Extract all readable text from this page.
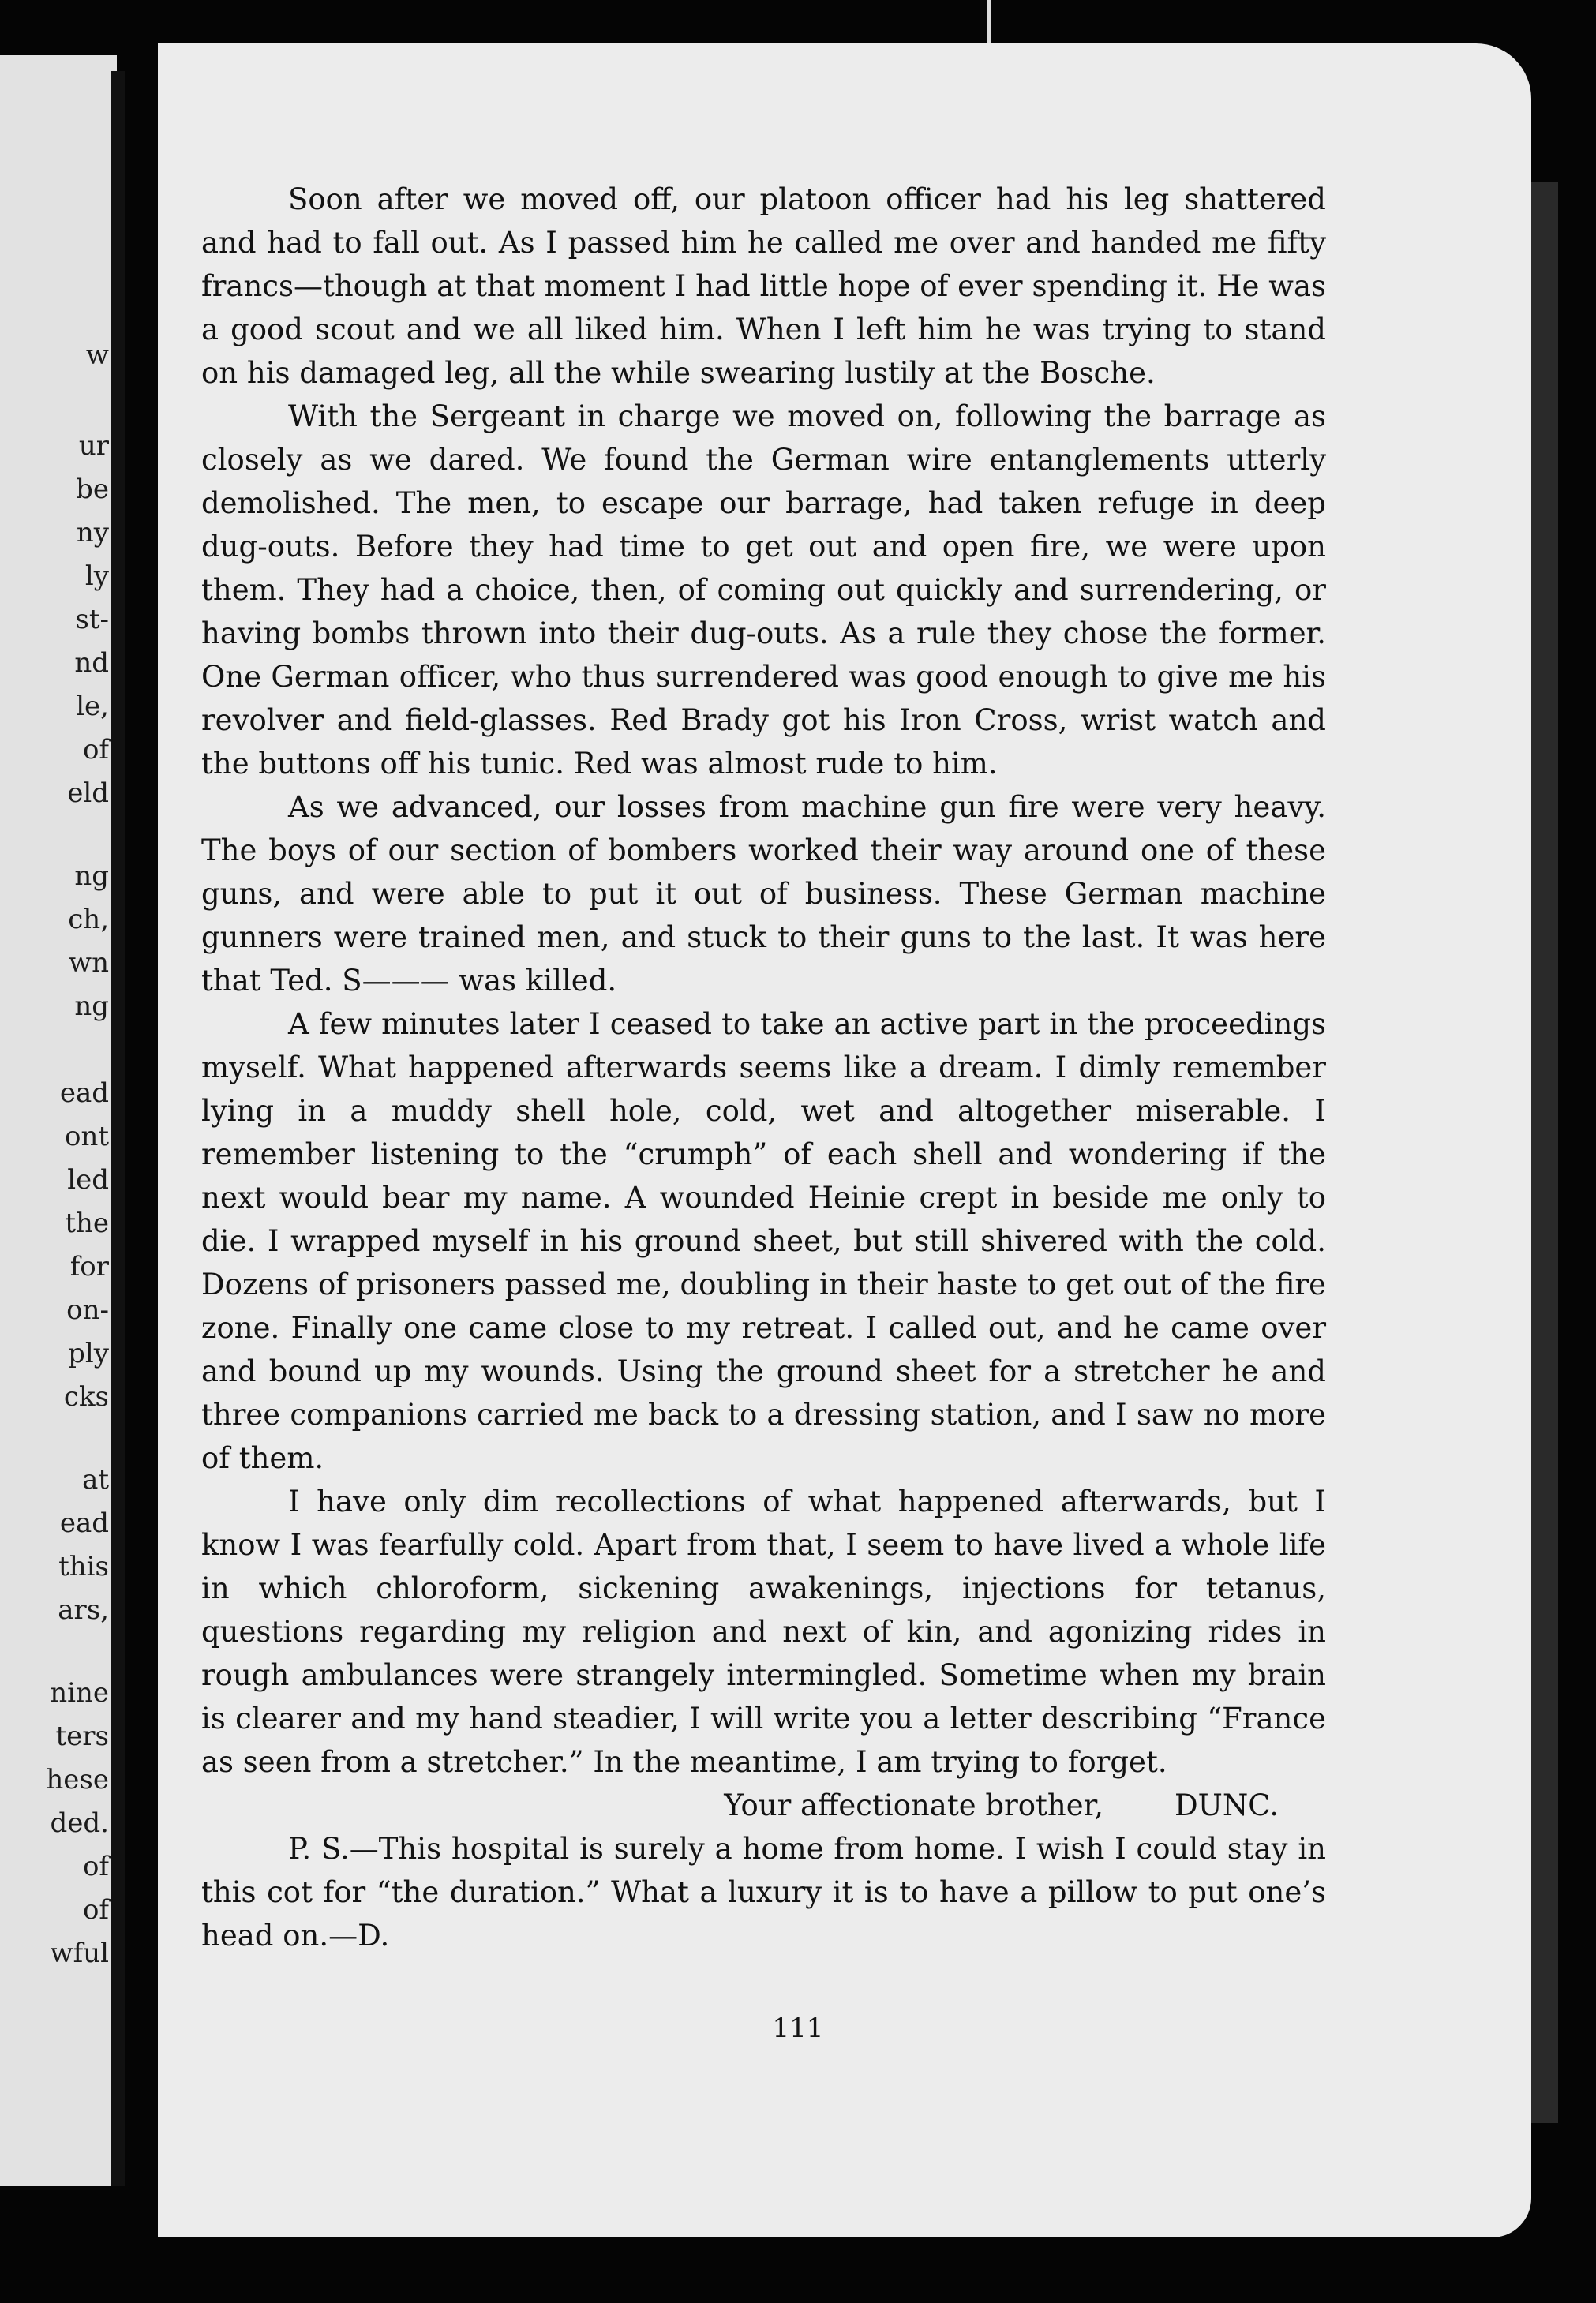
w
ur
be
ny
ly
st-
nd
le,
of
eld
ng
ch,
wn
ng
ead
ont
led
the
for
on-
ply
cks
at
ead
this
ars,
nine
ters
hese
ded.
of
of
wful

Soon after we moved off, our platoon officer had his leg shattered and had to fall out. As I passed him he called me over and handed me fifty francs—though at that moment I had little hope of ever spending it. He was a good scout and we all liked him. When I left him he was trying to stand on his damaged leg, all the while swearing lustily at the Bosche.

With the Sergeant in charge we moved on, following the barrage as closely as we dared. We found the German wire entanglements utterly demolished. The men, to escape our barrage, had taken refuge in deep dug-outs. Before they had time to get out and open fire, we were upon them. They had a choice, then, of coming out quickly and surrendering, or having bombs thrown into their dug-outs. As a rule they chose the former. One German officer, who thus surrendered was good enough to give me his revolver and field-glasses. Red Brady got his Iron Cross, wrist watch and the buttons off his tunic. Red was almost rude to him.

As we advanced, our losses from machine gun fire were very heavy. The boys of our section of bombers worked their way around one of these guns, and were able to put it out of business. These German machine gunners were trained men, and stuck to their guns to the last. It was here that Ted. S——— was killed.

A few minutes later I ceased to take an active part in the proceedings myself. What happened afterwards seems like a dream. I dimly remember lying in a muddy shell hole, cold, wet and altogether miserable. I remember listening to the “crumph” of each shell and wondering if the next would bear my name. A wounded Heinie crept in beside me only to die. I wrapped myself in his ground sheet, but still shivered with the cold. Dozens of prisoners passed me, doubling in their haste to get out of the fire zone. Finally one came close to my retreat. I called out, and he came over and bound up my wounds. Using the ground sheet for a stretcher he and three companions carried me back to a dressing station, and I saw no more of them.

I have only dim recollections of what happened afterwards, but I know I was fearfully cold. Apart from that, I seem to have lived a whole life in which chloroform, sickening awakenings, injections for tetanus, questions regarding my religion and next of kin, and agonizing rides in rough ambulances were strangely intermingled. Sometime when my brain is clearer and my hand steadier, I will write you a letter describing “France as seen from a stretcher.” In the meantime, I am trying to forget.

Your affectionate brother, DUNC.

P. S.—This hospital is surely a home from home. I wish I could stay in this cot for “the duration.” What a luxury it is to have a pillow to put one’s head on.—D.

111
